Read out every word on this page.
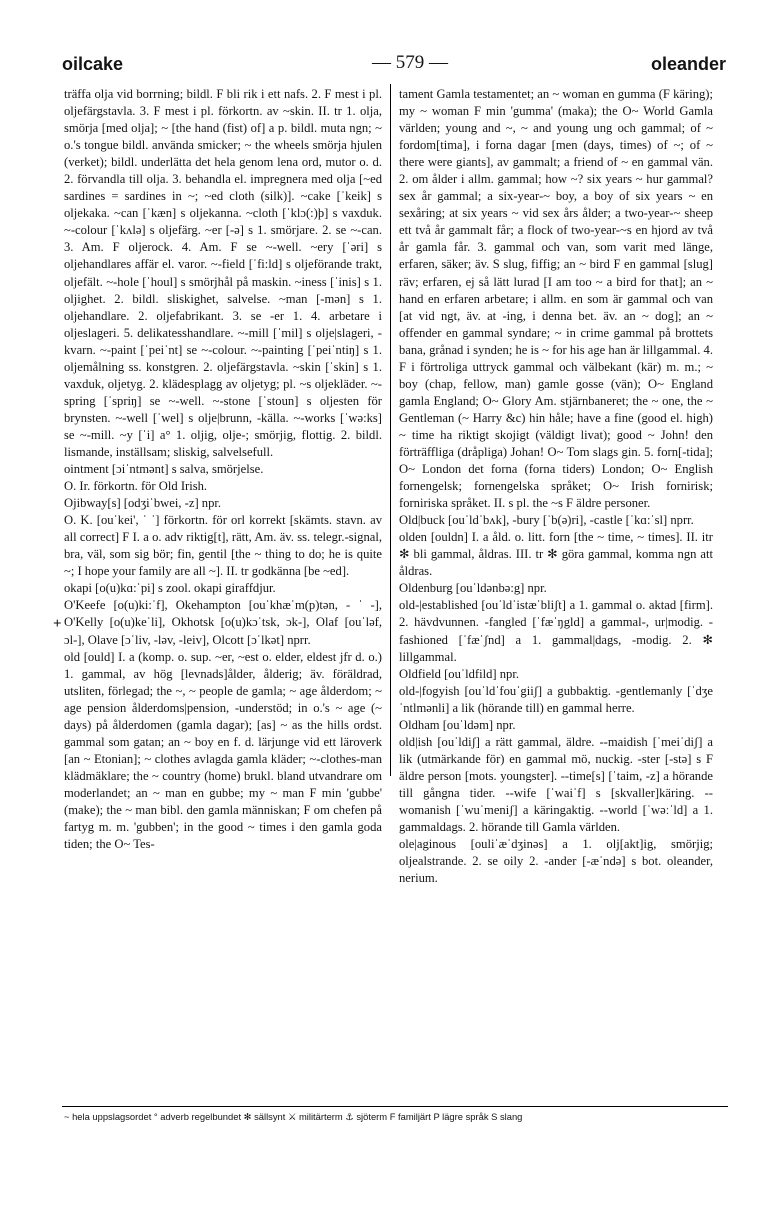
oilcake	— 579 —	oleander
+

träffa olja vid borrning; bildl. F bli rik i ett nafs. 2. F mest i pl. oljefärgstavla. 3. F mest i pl. förkortn. av ~skin. II. tr 1. olja, smörja [med olja]; ~ [the hand (fist) of] a p. bildl. muta ngn; ~ o.'s tongue bildl. använda smicker; ~ the wheels smörja hjulen (verket); bildl. underlätta det hela genom lena ord, mutor o. d. 2. förvandla till olja. 3. behandla el. impregnera med olja [~ed sardines = sardines in ~; ~ed cloth (silk)]. ~cake [ˈkeik] s oljekaka. ~can [ˈkæn] s oljekanna. ~cloth [ˈklɔ(:)þ] s vaxduk. ~-colour [ˈkʌlə] s oljefärg. ~er [-ə] s 1. smörjare. 2. se ~-can. 3. Am. F oljerock. 4. Am. F se ~-well. ~ery [ˈəri] s oljehandlares affär el. varor. ~-field [ˈfi:ld] s oljeförande trakt, oljefält. ~-hole [ˈhoul] s smörjhål på maskin. ~iness [ˈinis] s 1. oljighet. 2. bildl. sliskighet, salvelse. ~man [-mən] s 1. oljehandlare. 2. oljefabrikant. 3. se -er 1. 4. arbetare i oljeslageri. 5. delikatesshandlare. ~-mill [ˈmil] s olje|slageri, -kvarn. ~-paint [ˈpeiˈnt] se ~-colour. ~-painting [ˈpeiˈntiŋ] s 1. oljemålning ss. konstgren. 2. oljefärgstavla. ~skin [ˈskin] s 1. vaxduk, oljetyg. 2. klädesplagg av oljetyg; pl. ~s oljekläder. ~-spring [ˈspriŋ] se ~-well. ~-stone [ˈstoun] s oljesten för brynsten. ~-well [ˈwel] s olje|brunn, -källa. ~-works [ˈwə:ks] se ~-mill. ~y [ˈi] a° 1. oljig, olje-; smörjig, flottig. 2. bildl. lismande, inställsam; sliskig, salvelsefull.

ointment [ɔiˈntmənt] s salva, smörjelse.

O. Ir. förkortn. för Old Irish.

Ojibway[s] [odʒiˈbwei, -z] npr.

O. K. [ouˈkei', ˈ ˈ] förkortn. för orl korrekt [skämts. stavn. av all correct] F I. a o. adv riktig[t], rätt, Am. äv. ss. telegr.-signal, bra, väl, som sig bör; fin, gentil [the ~ thing to do; he is quite ~; I hope your family are all ~]. II. tr godkänna [be ~ed].

okapi [o(u)kɑ:ˈpi] s zool. okapi giraffdjur.

O'Keefe [o(u)ki:ˈf], Okehampton [ouˈkhæˈm(p)tən, - ˈ -], O'Kelly [o(u)keˈli], Okhotsk [o(u)kɔˈtsk, ɔk-], Olaf [ouˈləf, ɔl-], Olave [ɔˈliv, -ləv, -leiv], Olcott [ɔˈlkət] nprr.

old [ould] I. a (komp. o. sup. ~er, ~est o. elder, eldest jfr d. o.) 1. gammal, av hög [levnads]ålder, ålderig; äv. föräldrad, utsliten, förlegad; the ~, ~ people de gamla; ~ age ålderdom; ~ age pension ålderdoms|pension, -understöd; in o.'s ~ age (~ days) på ålderdomen (gamla dagar); [as] ~ as the hills ordst. gammal som gatan; an ~ boy en f. d. lärjunge vid ett läroverk [an ~ Etonian]; ~ clothes avlagda gamla kläder; ~-clothes-man klädmäklare; the ~ country (home) brukl. bland utvandrare om moderlandet; an ~ man en gubbe; my ~ man F min 'gubbe' (make); the ~ man bibl. den gamla människan; F om chefen på fartyg m. m. 'gubben'; in the good ~ times i den gamla goda tiden; the O~ Tes-

tament Gamla testamentet; an ~ woman en gumma (F käring); my ~ woman F min 'gumma' (maka); the O~ World Gamla världen; young and ~, ~ and young ung och gammal; of ~ fordom[tima], i forna dagar [men (days, times) of ~; of ~ there were giants], av gammalt; a friend of ~ en gammal vän. 2. om ålder i allm. gammal; how ~? six years ~ hur gammal? sex år gammal; a six-year-~ boy, a boy of six years ~ en sexåring; at six years ~ vid sex års ålder; a two-year-~ sheep ett två år gammalt får; a flock of two-year-~s en hjord av två år gamla får. 3. gammal och van, som varit med länge, erfaren, säker; äv. S slug, fiffig; an ~ bird F en gammal [slug] räv; erfaren, ej så lätt lurad [I am too ~ a bird for that]; an ~ hand en erfaren arbetare; i allm. en som är gammal och van [at vid ngt, äv. at -ing, i denna bet. äv. an ~ dog]; an ~ offender en gammal syndare; ~ in crime gammal på brottets bana, grånad i synden; he is ~ for his age han är lillgammal. 4. F i förtroliga uttryck gammal och välbekant (kär) m. m.; ~ boy (chap, fellow, man) gamle gosse (vän); O~ England gamla England; O~ Glory Am. stjärnbaneret; the ~ one, the ~ Gentleman (~ Harry &c) hin håle; have a fine (good el. high) ~ time ha riktigt skojigt (väldigt livat); good ~ John! den förträffliga (dråpliga) Johan! O~ Tom slags gin. 5. forn[-tida]; O~ London det forna (forna tiders) London; O~ English fornengelsk; fornengelska språket; O~ Irish fornirisk; forniriska språket. II. s pl. the ~s F äldre personer.

Old|buck [ouˈldˈbʌk], -bury [ˈb(ə)ri], -castle [ˈkɑ:ˈsl] nprr.

olden [ouldn] I. a åld. o. litt. forn [the ~ time, ~ times]. II. itr ✻ bli gammal, åldras. III. tr ✻ göra gammal, komma ngn att åldras.

Oldenburg [ouˈldənbə:g] npr.

old-|established [ouˈldˈistæˈbliʃt] a 1. gammal o. aktad [firm]. 2. hävdvunnen. -fangled [ˈfæˈŋgld] a gammal-, ur|modig. -fashioned [ˈfæˈʃnd] a 1. gammal|dags, -modig. 2. ✻ lillgammal.

Oldfield [ouˈldfild] npr.

old-|fogyish [ouˈldˈfouˈgiiʃ] a gubbaktig. -gentlemanly [ˈdʒeˈntlmənli] a lik (hörande till) en gammal herre.

Oldham [ouˈldəm] npr.

old|ish [ouˈldiʃ] a rätt gammal, äldre. --maidish [ˈmeiˈdiʃ] a lik (utmärkande för) en gammal mö, nuckig. -ster [-stə] s F äldre person [mots. youngster]. --time[s] [ˈtaim, -z] a hörande till gångna tider. --wife [ˈwaiˈf] s [skvaller]käring. --womanish [ˈwuˈmeniʃ] a käringaktig. --world [ˈwəːˈld] a 1. gammaldags. 2. hörande till Gamla världen.

ole|aginous [ouliˈæˈdʒinəs] a 1. olj[akt]ig, smörjig; oljealstrande. 2. se oily 2. -ander [-æˈndə] s bot. oleander, nerium.

~ hela uppslagsordet ° adverb regelbundet ✻ sällsynt ⚔ militärterm ⚓ sjöterm F familjärt P lägre språk S slang
